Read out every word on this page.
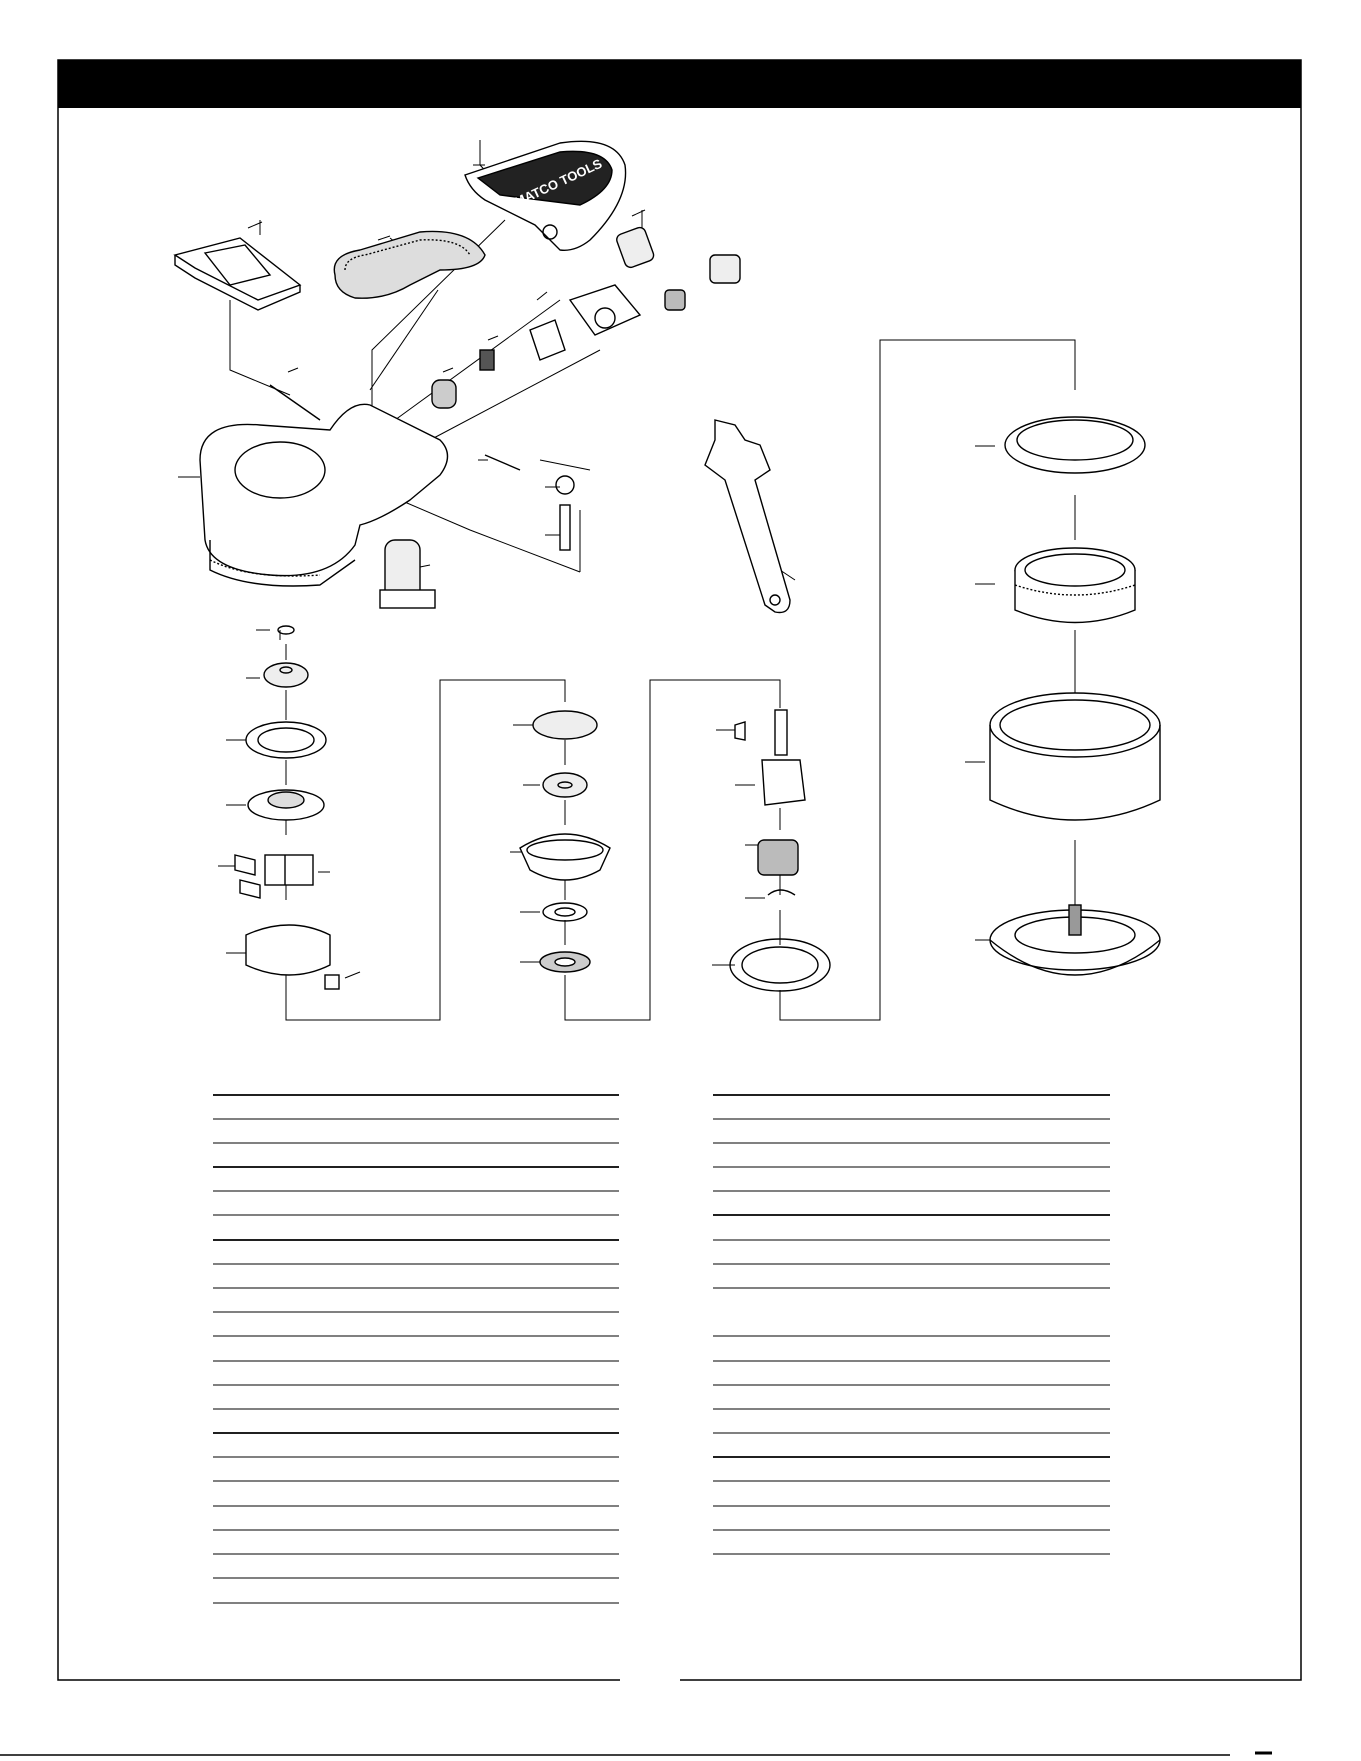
MATCO TOOLS
